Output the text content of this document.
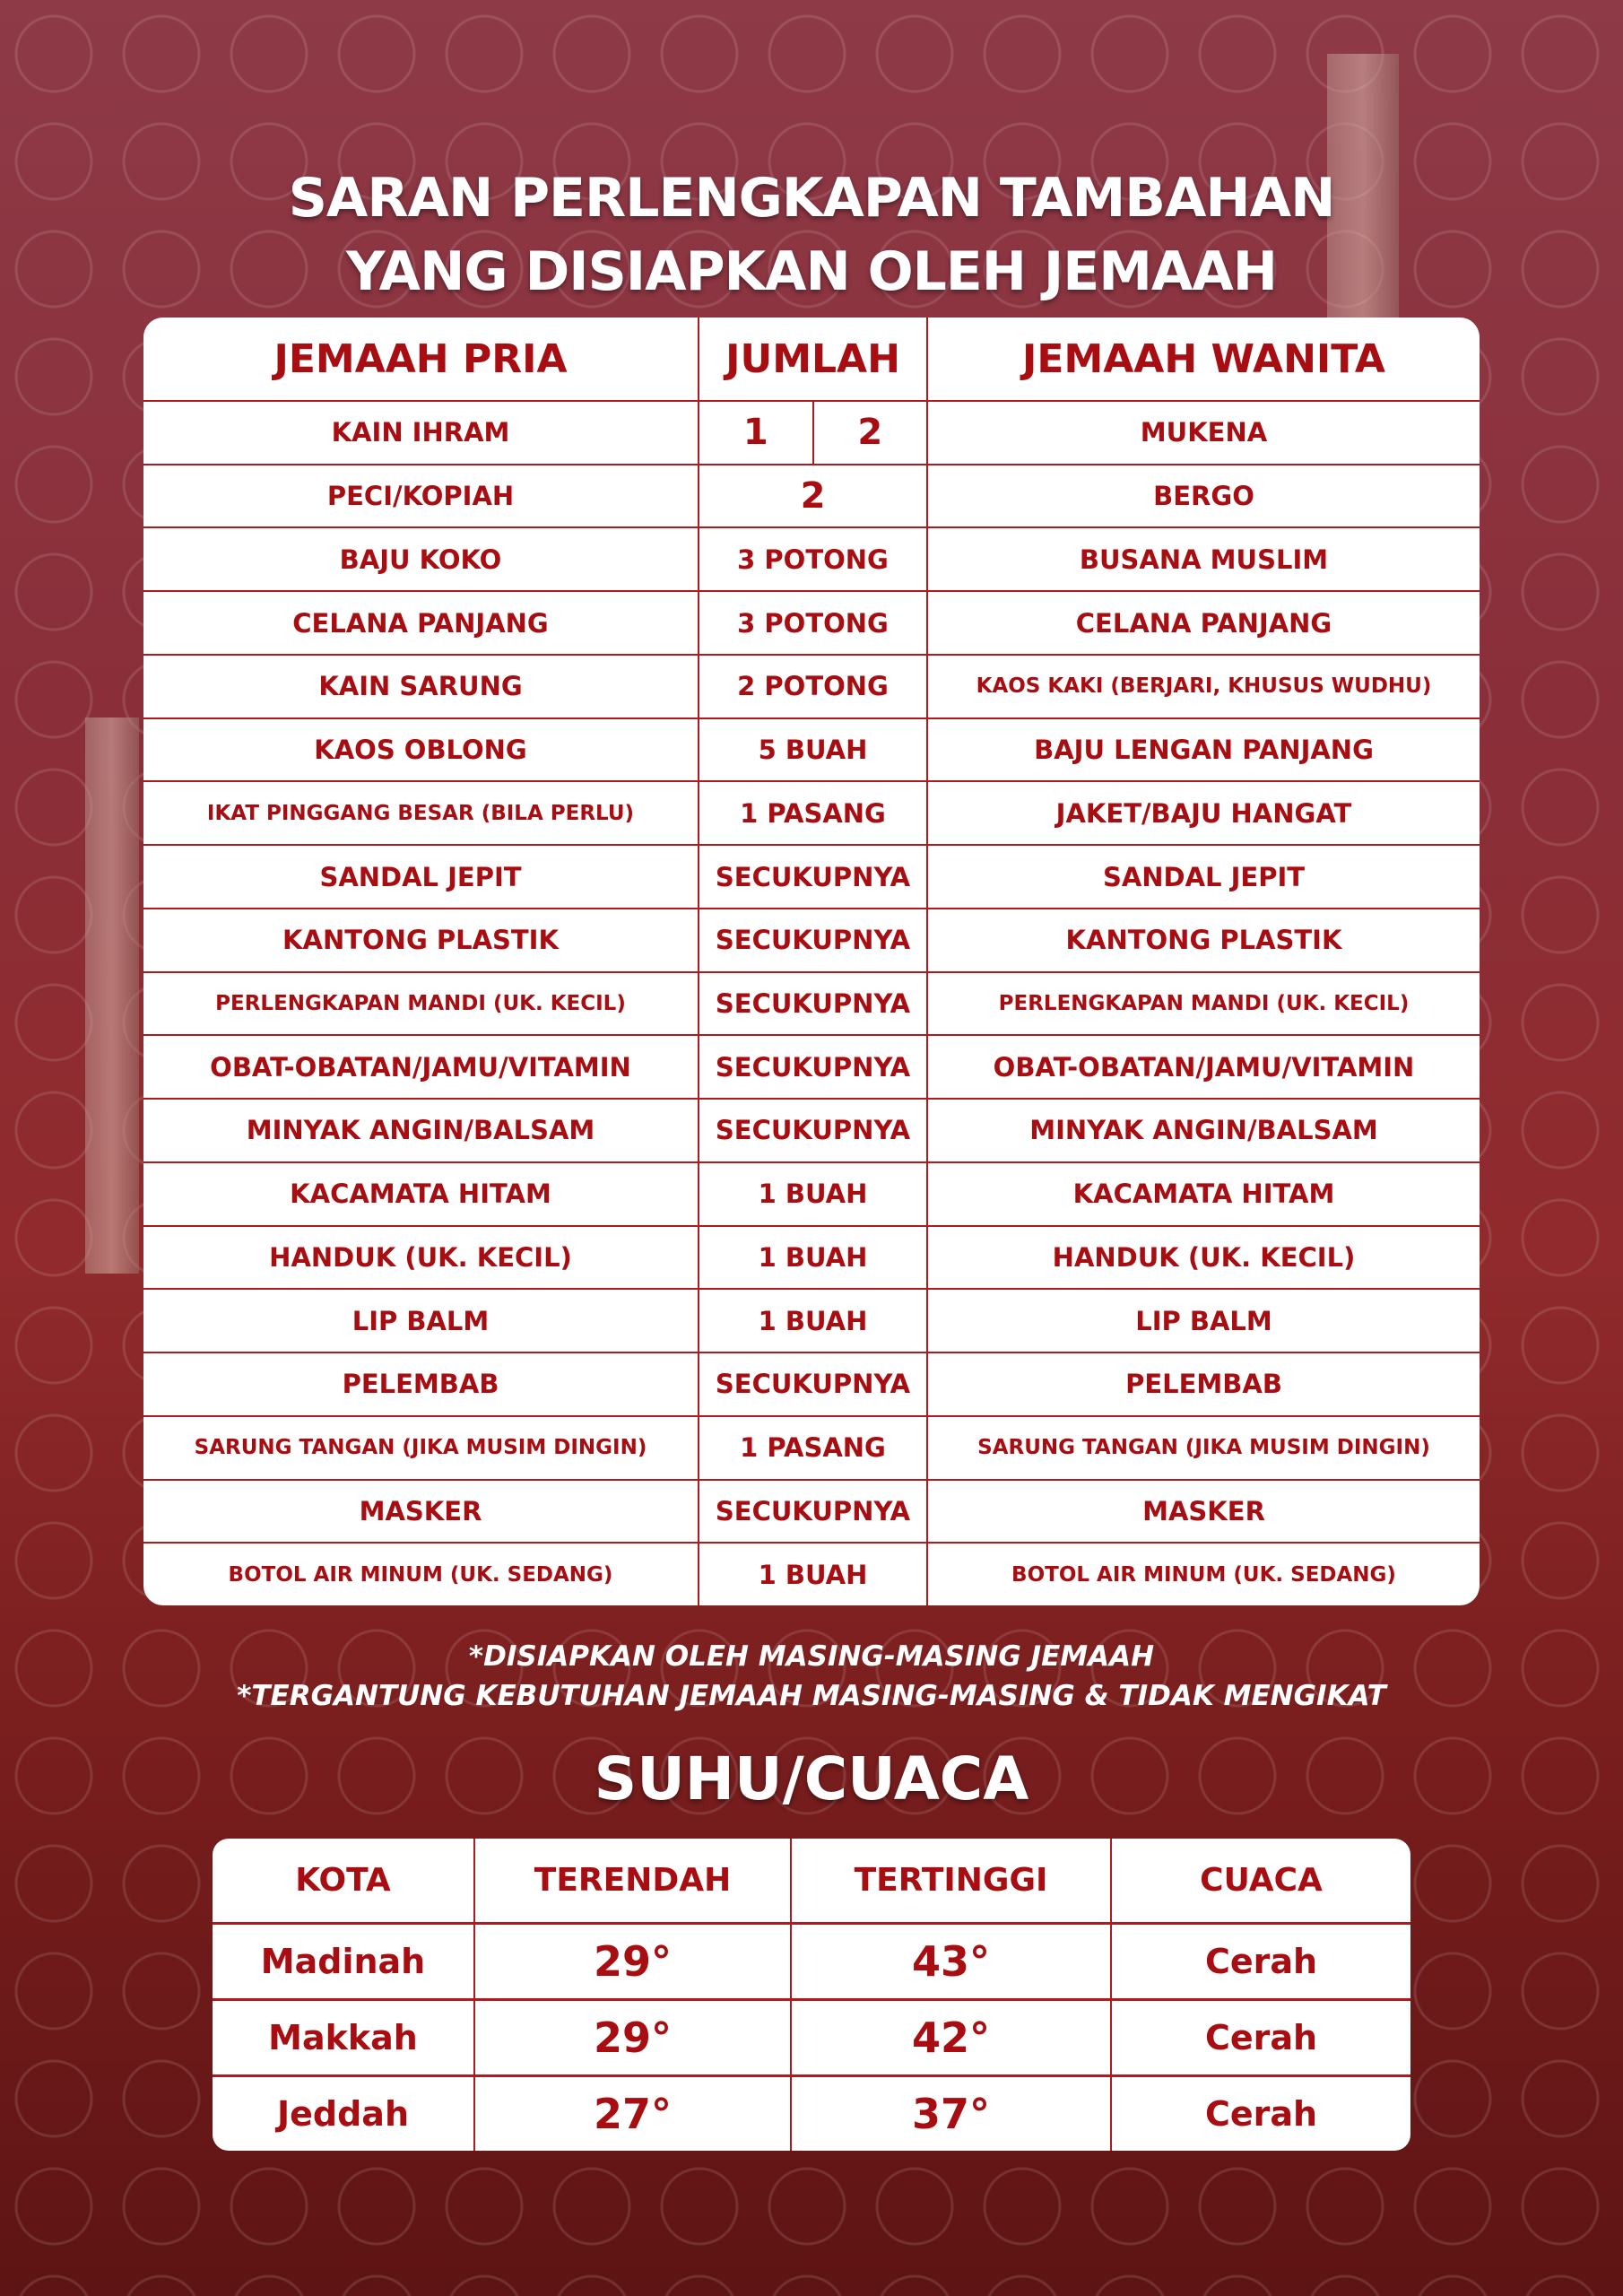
SARAN PERLENGKAPAN TAMBAHAN
YANG DISIAPKAN OLEH JEMAAH
JEMAAH PRIA	JUMLAH	JEMAAH WANITA
KAIN IHRAM	1	2	MUKENA
PECI/KOPIAH	2	BERGO
BAJU KOKO	3 POTONG	BUSANA MUSLIM
CELANA PANJANG	3 POTONG	CELANA PANJANG
KAIN SARUNG	2 POTONG	KAOS KAKI (BERJARI, KHUSUS WUDHU)
KAOS OBLONG	5 BUAH	BAJU LENGAN PANJANG
IKAT PINGGANG BESAR (BILA PERLU)	1 PASANG	JAKET/BAJU HANGAT
SANDAL JEPIT	SECUKUPNYA	SANDAL JEPIT
KANTONG PLASTIK	SECUKUPNYA	KANTONG PLASTIK
PERLENGKAPAN MANDI (UK. KECIL)	SECUKUPNYA	PERLENGKAPAN MANDI (UK. KECIL)
OBAT-OBATAN/JAMU/VITAMIN	SECUKUPNYA	OBAT-OBATAN/JAMU/VITAMIN
MINYAK ANGIN/BALSAM	SECUKUPNYA	MINYAK ANGIN/BALSAM
KACAMATA HITAM	1 BUAH	KACAMATA HITAM
HANDUK (UK. KECIL)	1 BUAH	HANDUK (UK. KECIL)
LIP BALM	1 BUAH	LIP BALM
PELEMBAB	SECUKUPNYA	PELEMBAB
SARUNG TANGAN (JIKA MUSIM DINGIN)	1 PASANG	SARUNG TANGAN (JIKA MUSIM DINGIN)
MASKER	SECUKUPNYA	MASKER
BOTOL AIR MINUM (UK. SEDANG)	1 BUAH	BOTOL AIR MINUM (UK. SEDANG)
*DISIAPKAN OLEH MASING-MASING JEMAAH
*TERGANTUNG KEBUTUHAN JEMAAH MASING-MASING & TIDAK MENGIKAT
SUHU/CUACA
KOTA	TERENDAH	TERTINGGI	CUACA
Madinah	29°	43°	Cerah
Makkah	29°	42°	Cerah
Jeddah	27°	37°	Cerah
